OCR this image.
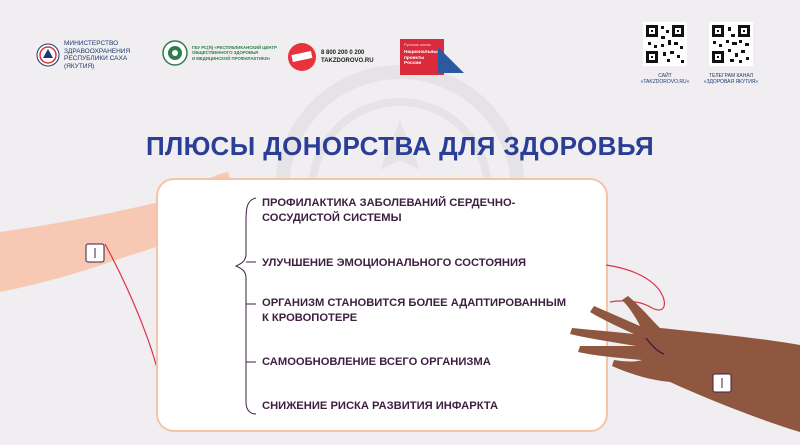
МИНИСТЕРСТВО
ЗДРАВООХРАНЕНИЯ
РЕСПУБЛИКИ САХА (ЯКУТИЯ)
ГБУ РС(Я) «РЕСПУБЛИКАНСКИЙ ЦЕНТР
ОБЩЕСТВЕННОГО ЗДОРОВЬЯ
И МЕДИЦИНСКОЙ ПРОФИЛАКТИКИ»
8 800 200 0 200
TAKZDOROVO.RU
Русская жизнь
Национальные проекты России
САЙТ
«TAKZDOROVO.RU»
ТЕЛЕГРАМ КАНАЛ
«ЗДОРОВАЯ ЯКУТИЯ»
ПЛЮСЫ ДОНОРСТВА ДЛЯ ЗДОРОВЬЯ
ПРОФИЛАКТИКА ЗАБОЛЕВАНИЙ СЕРДЕЧНО-
СОСУДИСТОЙ СИСТЕМЫ
УЛУЧШЕНИЕ ЭМОЦИОНАЛЬНОГО СОСТОЯНИЯ
ОРГАНИЗМ СТАНОВИТСЯ БОЛЕЕ АДАПТИРОВАННЫМ
К КРОВОПОТЕРЕ
САМООБНОВЛЕНИЕ ВСЕГО ОРГАНИЗМА
СНИЖЕНИЕ РИСКА РАЗВИТИЯ ИНФАРКТА
